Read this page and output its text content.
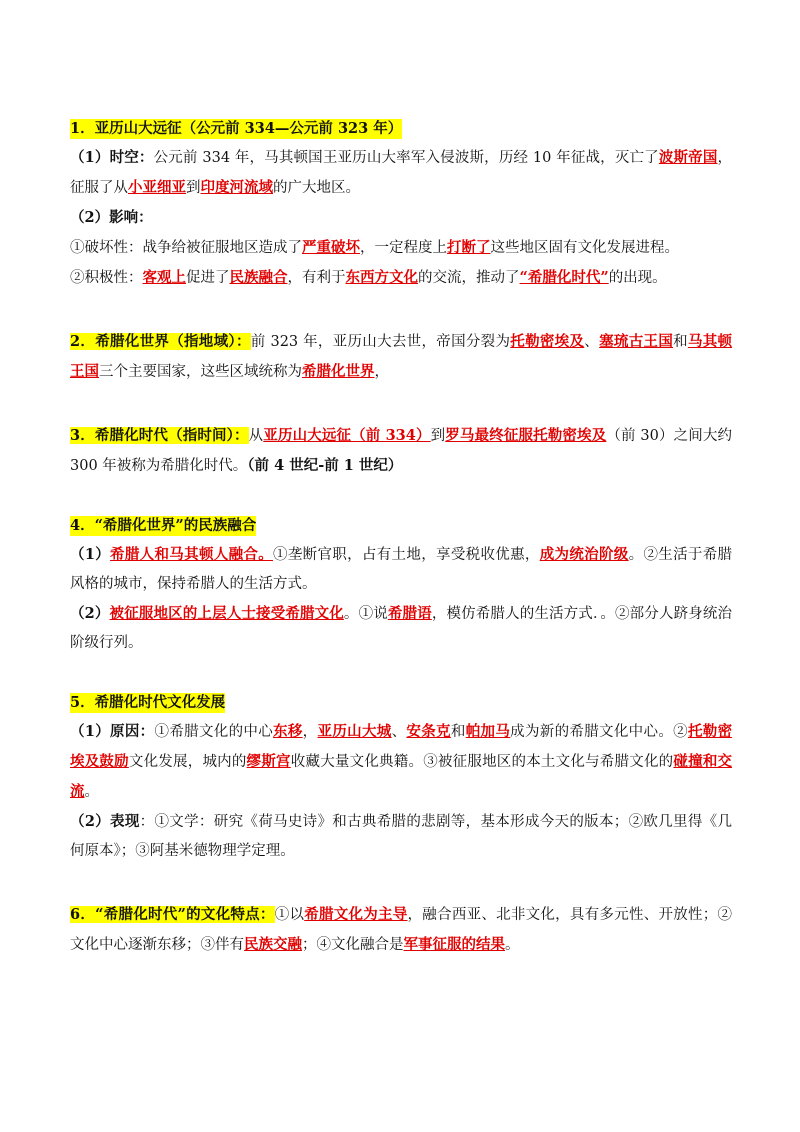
1．亚历山大远征（公元前 334—公元前 323 年）

（1）时空：公元前 334 年，马其顿国王亚历山大率军入侵波斯，历经 10 年征战，灭亡了波斯帝国，征服了从小亚细亚到印度河流域的广大地区。

（2）影响：

①破坏性：战争给被征服地区造成了严重破坏，一定程度上打断了这些地区固有文化发展进程。

②积极性：客观上促进了民族融合，有利于东西方文化的交流，推动了“希腊化时代”的出现。

2．希腊化世界（指地域）：前 323 年，亚历山大去世，帝国分裂为托勒密埃及、塞琉古王国和马其顿王国三个主要国家，这些区域统称为希腊化世界，

3．希腊化时代（指时间）：从亚历山大远征（前 334）到罗马最终征服托勒密埃及（前 30）之间大约 300 年被称为希腊化时代。（前 4 世纪-前 1 世纪）

4．“希腊化世界”的民族融合

（1）希腊人和马其顿人融合。①垄断官职，占有土地，享受税收优惠，成为统治阶级。②生活于希腊风格的城市，保持希腊人的生活方式。

（2）被征服地区的上层人士接受希腊文化。①说希腊语，模仿希腊人的生活方式．。②部分人跻身统治阶级行列。

5．希腊化时代文化发展

（1）原因：①希腊文化的中心东移，亚历山大城、安条克和帕加马成为新的希腊文化中心。②托勒密埃及鼓励文化发展，城内的缪斯宫收藏大量文化典籍。③被征服地区的本土文化与希腊文化的碰撞和交流。

（2）表现：①文学：研究《荷马史诗》和古典希腊的悲剧等，基本形成今天的版本；②欧几里得《几何原本》；③阿基米德物理学定理。

6．“希腊化时代”的文化特点：①以希腊文化为主导，融合西亚、北非文化，具有多元性、开放性；②文化中心逐渐东移；③伴有民族交融；④文化融合是军事征服的结果。
